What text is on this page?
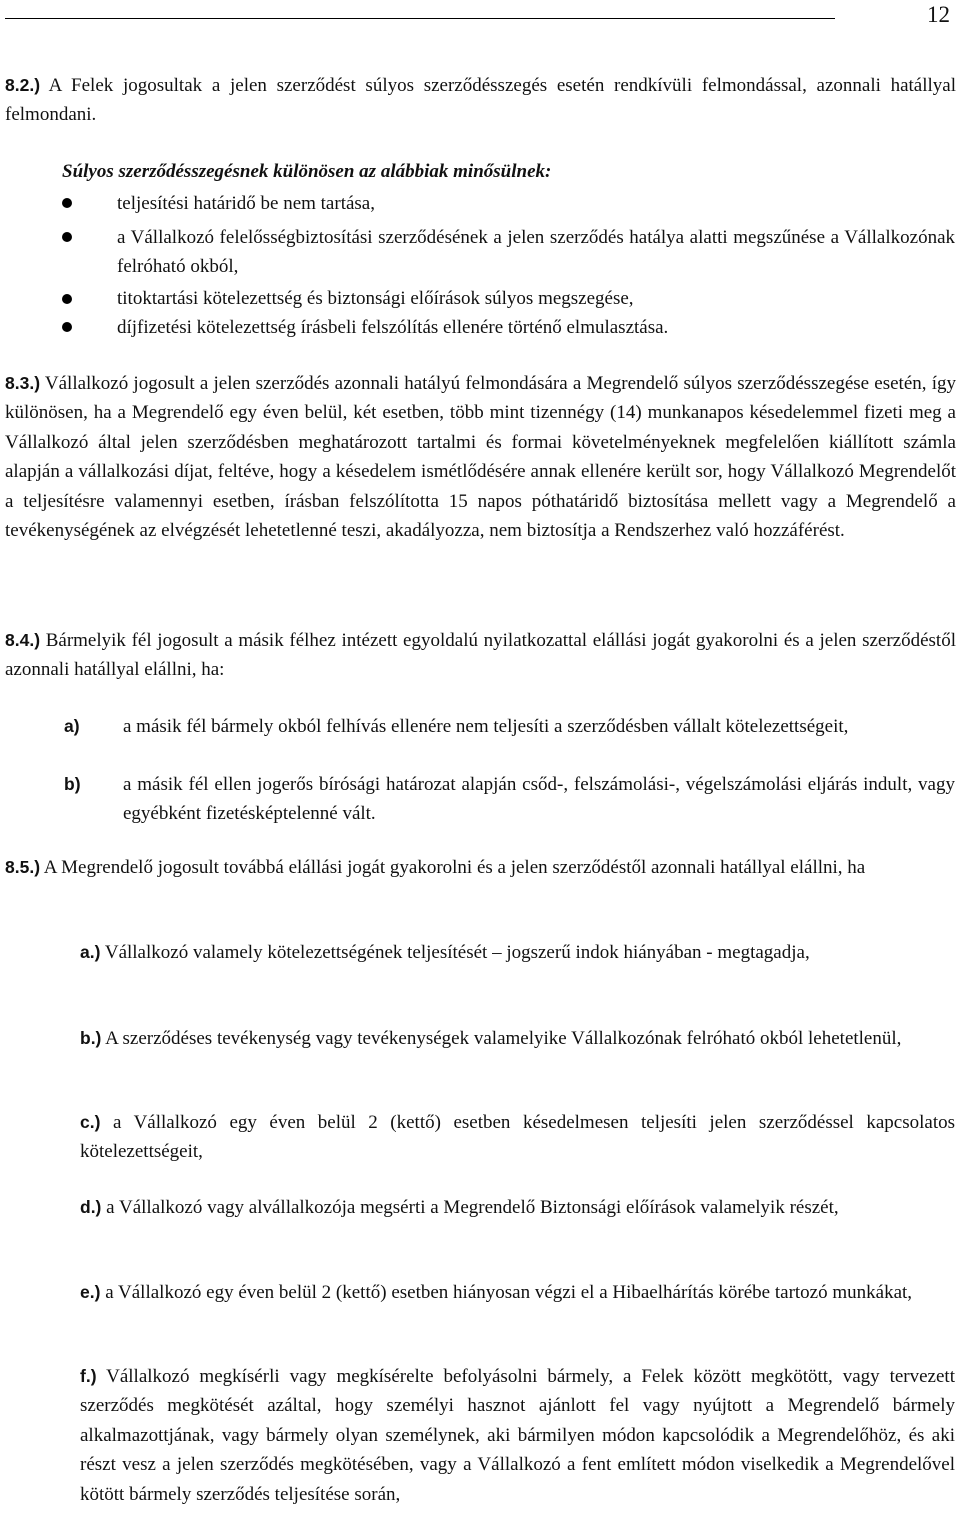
12
8.2.) A Felek jogosultak a jelen szerződést súlyos szerződésszegés esetén rendkívüli felmondással, azonnali hatállyal felmondani.
Súlyos szerződésszegésnek különösen az alábbiak minősülnek:
teljesítési határidő be nem tartása,
a Vállalkozó felelősségbiztosítási szerződésének a jelen szerződés hatálya alatti megszűnése a Vállalkozónak felróható okból,
titoktartási kötelezettség és biztonsági előírások súlyos megszegése,
díjfizetési kötelezettség írásbeli felszólítás ellenére történő elmulasztása.
8.3.) Vállalkozó jogosult a jelen szerződés azonnali hatályú felmondására a Megrendelő súlyos szerződésszegése esetén, így különösen, ha a Megrendelő egy éven belül, két esetben, több mint tizennégy (14) munkanapos késedelemmel fizeti meg a Vállalkozó által jelen szerződésben meghatározott tartalmi és formai követelményeknek megfelelően kiállított számla alapján a vállalkozási díjat, feltéve, hogy a késedelem ismétlődésére annak ellenére került sor, hogy Vállalkozó Megrendelőt a teljesítésre valamennyi esetben, írásban felszólította 15 napos póthatáridő biztosítása mellett vagy a Megrendelő a tevékenységének az elvégzését lehetetlenné teszi, akadályozza, nem biztosítja a Rendszerhez való hozzáférést.
8.4.) Bármelyik fél jogosult a másik félhez intézett egyoldalú nyilatkozattal elállási jogát gyakorolni és a jelen szerződéstől azonnali hatállyal elállni, ha:
a) a másik fél bármely okból felhívás ellenére nem teljesíti a szerződésben vállalt kötelezettségeit,
b) a másik fél ellen jogerős bírósági határozat alapján csőd-, felszámolási-, végelszámolási eljárás indult, vagy egyébként fizetésképtelenné vált.
8.5.) A Megrendelő jogosult továbbá elállási jogát gyakorolni és a jelen szerződéstől azonnali hatállyal elállni, ha
a.) Vállalkozó valamely kötelezettségének teljesítését – jogszerű indok hiányában - megtagadja,
b.) A szerződéses tevékenység vagy tevékenységek valamelyike Vállalkozónak felróható okból lehetetlenül,
c.) a Vállalkozó egy éven belül 2 (kettő) esetben késedelmesen teljesíti jelen szerződéssel kapcsolatos kötelezettségeit,
d.) a Vállalkozó vagy alvállalkozója megsérti a Megrendelő Biztonsági előírások valamelyik részét,
e.) a Vállalkozó egy éven belül 2 (kettő) esetben hiányosan végzi el a Hibaelhárítás körébe tartozó munkákat,
f.) Vállalkozó megkísérli vagy megkísérelte befolyásolni bármely, a Felek között megkötött, vagy tervezett szerződés megkötését azáltal, hogy személyi hasznot ajánlott fel vagy nyújtott a Megrendelő bármely alkalmazottjának, vagy bármely olyan személynek, aki bármilyen módon kapcsolódik a Megrendelőhöz, és aki részt vesz a jelen szerződés megkötésében, vagy a Vállalkozó a fent említett módon viselkedik a Megrendelővel kötött bármely szerződés teljesítése során,
